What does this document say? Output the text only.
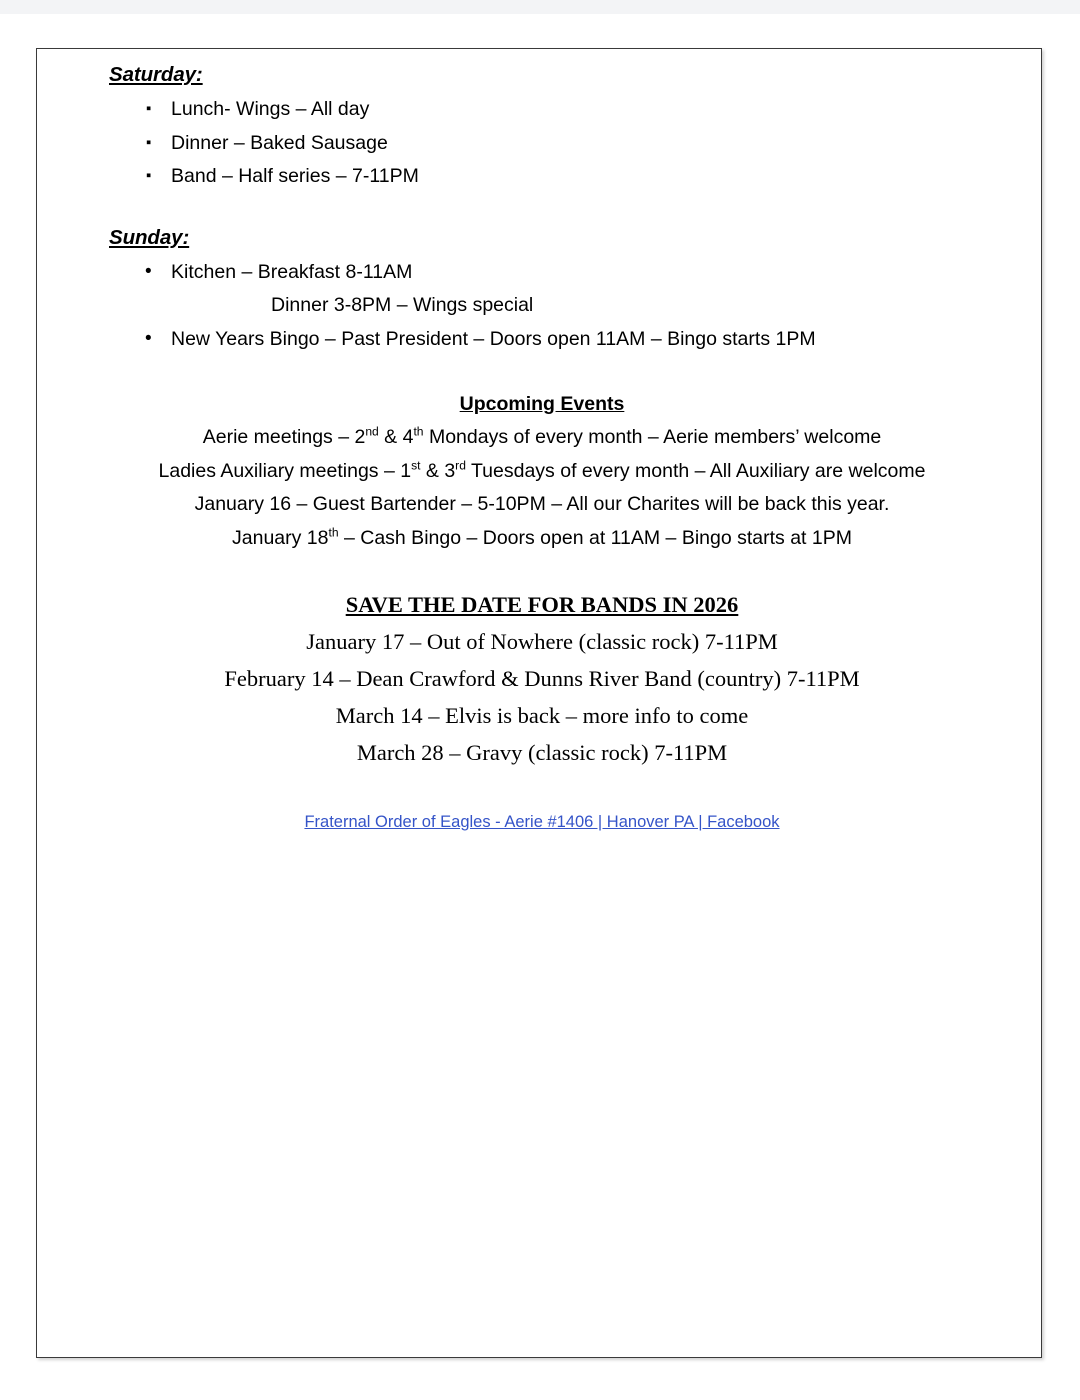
Saturday:
▪ Lunch- Wings – All day
▪ Dinner – Baked Sausage
▪ Band – Half series – 7-11PM
Sunday:
• Kitchen – Breakfast 8-11AM
Dinner 3-8PM – Wings special
• New Years Bingo – Past President – Doors open 11AM – Bingo starts 1PM
Upcoming Events
Aerie meetings – 2nd & 4th Mondays of every month – Aerie members’ welcome
Ladies Auxiliary meetings – 1st & 3rd Tuesdays of every month – All Auxiliary are welcome
January 16 – Guest Bartender – 5-10PM – All our Charites will be back this year.
January 18th – Cash Bingo – Doors open at 11AM – Bingo starts at 1PM
SAVE THE DATE FOR BANDS IN 2026
January 17 – Out of Nowhere (classic rock) 7-11PM
February 14 – Dean Crawford & Dunns River Band (country) 7-11PM
March 14 – Elvis is back – more info to come
March 28 – Gravy (classic rock) 7-11PM
Fraternal Order of Eagles - Aerie #1406 | Hanover PA | Facebook
